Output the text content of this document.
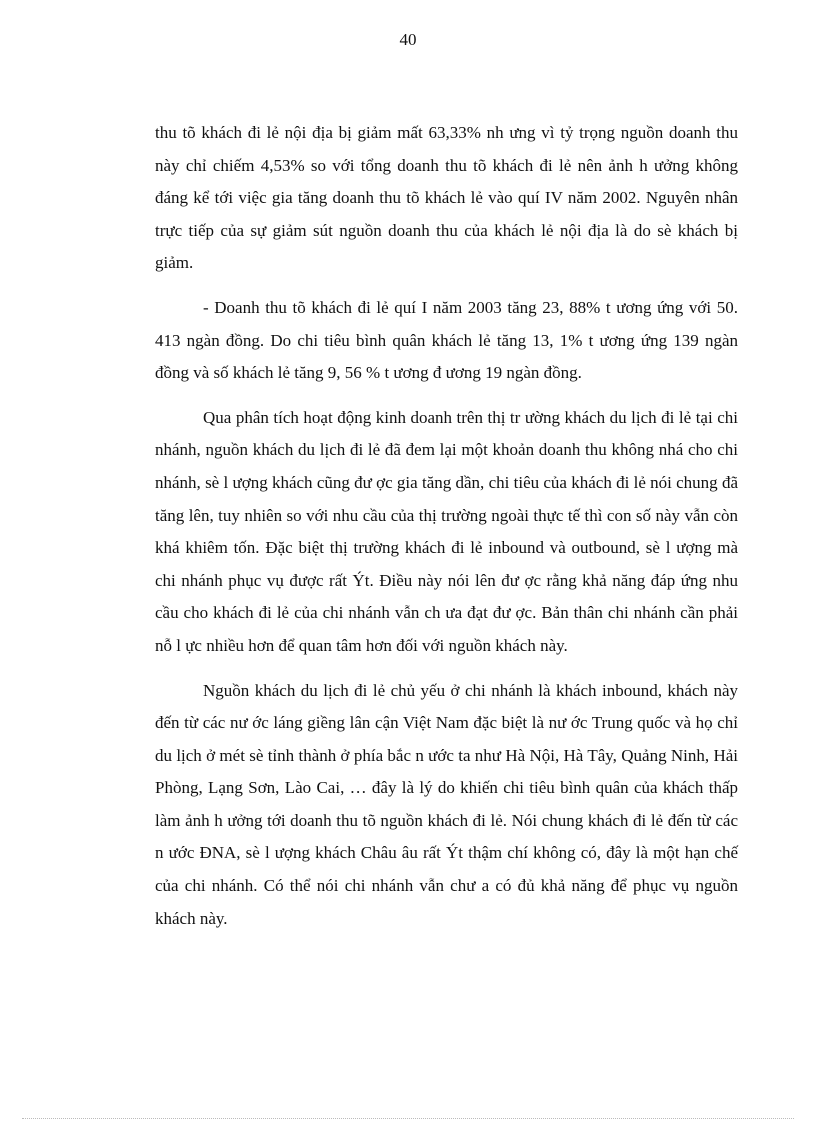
40

thu tõ khách đi lẻ nội địa bị giảm mất 63,33% nh ưng vì tỷ trọng nguồn doanh thu này chỉ chiếm 4,53% so với tổng doanh thu tõ khách đi lẻ nên ảnh h ưởng không đáng kể tới việc gia tăng doanh thu tõ khách lẻ vào quí IV năm 2002. Nguyên nhân trực tiếp của sự giảm sút nguồn doanh thu của khách lẻ nội địa là do sè khách bị giảm.

- Doanh thu tõ khách đi lẻ quí I năm 2003 tăng 23, 88% t ương ứng với 50. 413 ngàn đồng. Do chi tiêu bình quân khách lẻ tăng 13, 1% t ương ứng 139 ngàn đồng và số khách lẻ tăng 9, 56 % t ương đ ương 19 ngàn đồng.

Qua phân tích hoạt động kinh doanh trên thị tr ường khách du lịch đi lẻ tại chi nhánh, nguồn khách du lịch đi lẻ đã đem lại một khoản doanh thu không nhá cho chi nhánh, sè l ượng khách cũng đư ợc gia tăng dần, chi tiêu của khách đi lẻ nói chung đã tăng lên, tuy nhiên so với nhu cầu của thị trường ngoài thực tế thì con số này vẫn còn khá khiêm tốn. Đặc biệt thị trường khách đi lẻ inbound và outbound, sè l ượng mà chi nhánh phục vụ được rất Ýt. Điều này nói lên đư ợc rằng khả năng đáp ứng nhu cầu cho khách đi lẻ của chi nhánh vẫn ch ưa đạt đư ợc. Bản thân chi nhánh cần phải nỗ l ực nhiều hơn để quan tâm hơn đối với nguồn khách này.

Nguồn khách du lịch đi lẻ chủ yếu ở chi nhánh là khách inbound, khách này đến từ các nư ớc láng giềng lân cận Việt Nam đặc biệt là nư ớc Trung quốc và họ chỉ du lịch ở mét sè tỉnh thành ở phía bắc n ước ta như Hà Nội, Hà Tây, Quảng Ninh, Hải Phòng, Lạng Sơn, Lào Cai, … đây là lý do khiến chi tiêu bình quân của khách thấp làm ảnh h ưởng tới doanh thu tõ nguồn khách đi lẻ. Nói chung khách đi lẻ đến từ các n ước ĐNA, sè l ượng khách Châu âu rất Ýt thậm chí không có, đây là một hạn chế của chi nhánh. Có thể nói chi nhánh vẫn chư a có đủ khả năng để phục vụ nguồn khách này.
